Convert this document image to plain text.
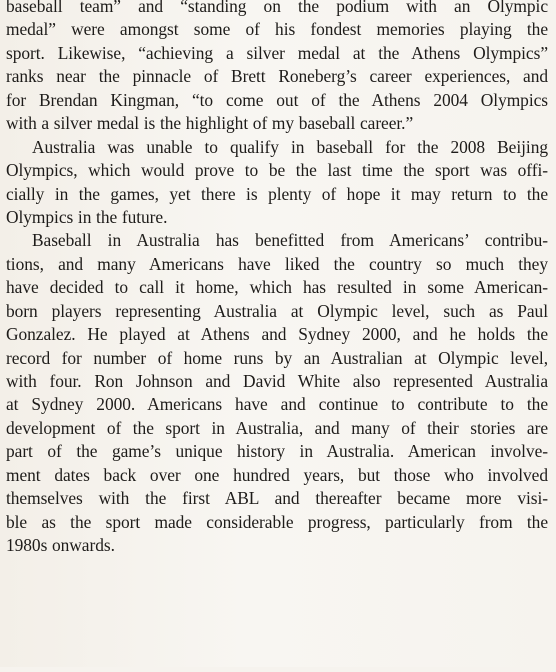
baseball team” and “standing on the podium with an Olympic
medal” were amongst some of his fondest memories playing the
sport. Likewise, “achieving a silver medal at the Athens Olympics”
ranks near the pinnacle of Brett Roneberg’s career experiences, and
for Brendan Kingman, “to come out of the Athens 2004 Olympics
with a silver medal is the highlight of my baseball career.”
Australia was unable to qualify in baseball for the 2008 Beijing
Olympics, which would prove to be the last time the sport was offi-
cially in the games, yet there is plenty of hope it may return to the
Olympics in the future.
Baseball in Australia has benefitted from Americans’ contribu-
tions, and many Americans have liked the country so much they
have decided to call it home, which has resulted in some American-
born players representing Australia at Olympic level, such as Paul
Gonzalez. He played at Athens and Sydney 2000, and he holds the
record for number of home runs by an Australian at Olympic level,
with four. Ron Johnson and David White also represented Australia
at Sydney 2000. Americans have and continue to contribute to the
development of the sport in Australia, and many of their stories are
part of the game’s unique history in Australia. American involve-
ment dates back over one hundred years, but those who involved
themselves with the first ABL and thereafter became more visi-
ble as the sport made considerable progress, particularly from the
1980s onwards.
